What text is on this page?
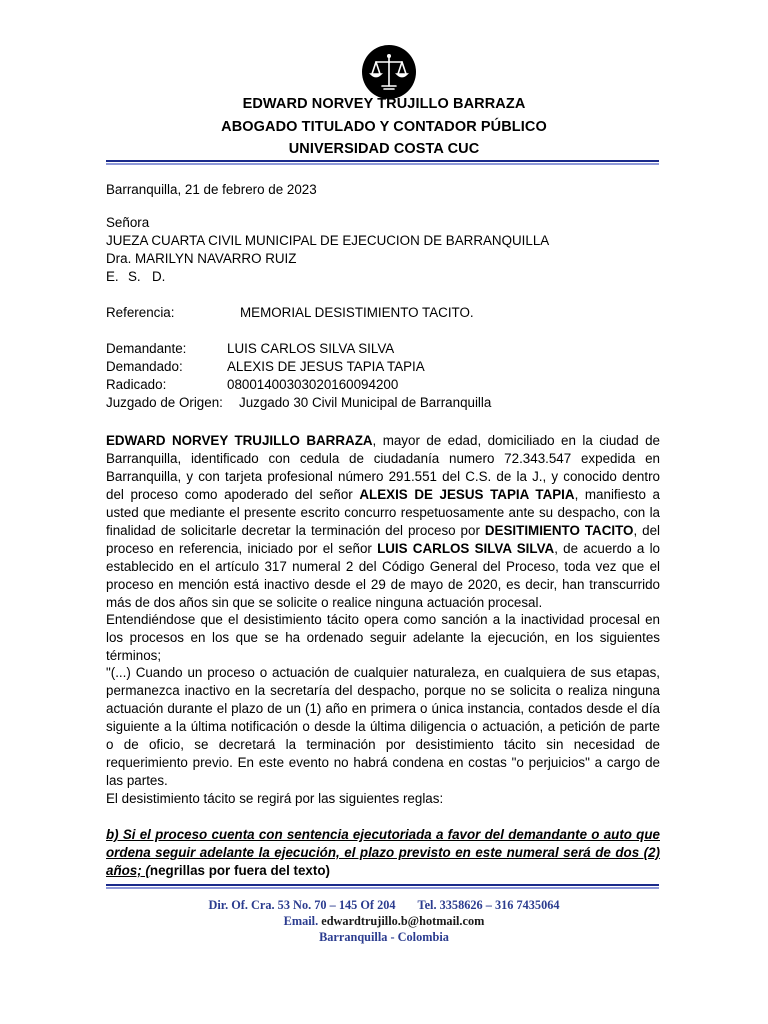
EDWARD NORVEY TRUJILLO BARRAZA
ABOGADO TITULADO Y CONTADOR PÚBLICO
UNIVERSIDAD COSTA CUC
Barranquilla, 21 de febrero de 2023
Señora
JUEZA CUARTA CIVIL MUNICIPAL DE EJECUCION DE BARRANQUILLA
Dra. MARILYN NAVARRO RUIZ
E. S. D.
Referencia:	MEMORIAL DESISTIMIENTO TACITO.
Demandante:	LUIS CARLOS SILVA SILVA
Demandado:	ALEXIS DE JESUS TAPIA TAPIA
Radicado:	08001400303020160094200
Juzgado de Origen: Juzgado 30 Civil Municipal de Barranquilla
EDWARD NORVEY TRUJILLO BARRAZA, mayor de edad, domiciliado en la ciudad de Barranquilla, identificado con cedula de ciudadanía numero 72.343.547 expedida en Barranquilla, y con tarjeta profesional número 291.551 del C.S. de la J., y conocido dentro del proceso como apoderado del señor ALEXIS DE JESUS TAPIA TAPIA, manifiesto a usted que mediante el presente escrito concurro respetuosamente ante su despacho, con la finalidad de solicitarle decretar la terminación del proceso por DESITIMIENTO TACITO, del proceso en referencia, iniciado por el señor LUIS CARLOS SILVA SILVA, de acuerdo a lo establecido en el artículo 317 numeral 2 del Código General del Proceso, toda vez que el proceso en mención está inactivo desde el 29 de mayo de 2020, es decir, han transcurrido más de dos años sin que se solicite o realice ninguna actuación procesal.
Entendiéndose que el desistimiento tácito opera como sanción a la inactividad procesal en los procesos en los que se ha ordenado seguir adelante la ejecución, en los siguientes términos;
"(...) Cuando un proceso o actuación de cualquier naturaleza, en cualquiera de sus etapas, permanezca inactivo en la secretaría del despacho, porque no se solicita o realiza ninguna actuación durante el plazo de un (1) año en primera o única instancia, contados desde el día siguiente a la última notificación o desde la última diligencia o actuación, a petición de parte o de oficio, se decretará la terminación por desistimiento tácito sin necesidad de requerimiento previo. En este evento no habrá condena en costas "o perjuicios" a cargo de las partes.
El desistimiento tácito se regirá por las siguientes reglas:
b) Si el proceso cuenta con sentencia ejecutoriada a favor del demandante o auto que ordena seguir adelante la ejecución, el plazo previsto en este numeral será de dos (2) años; (negrillas por fuera del texto)
Dir. Of. Cra. 53 No. 70 – 145 Of 204 Tel. 3358626 – 316 7435064
Email. edwardtrujillo.b@hotmail.com
Barranquilla - Colombia
